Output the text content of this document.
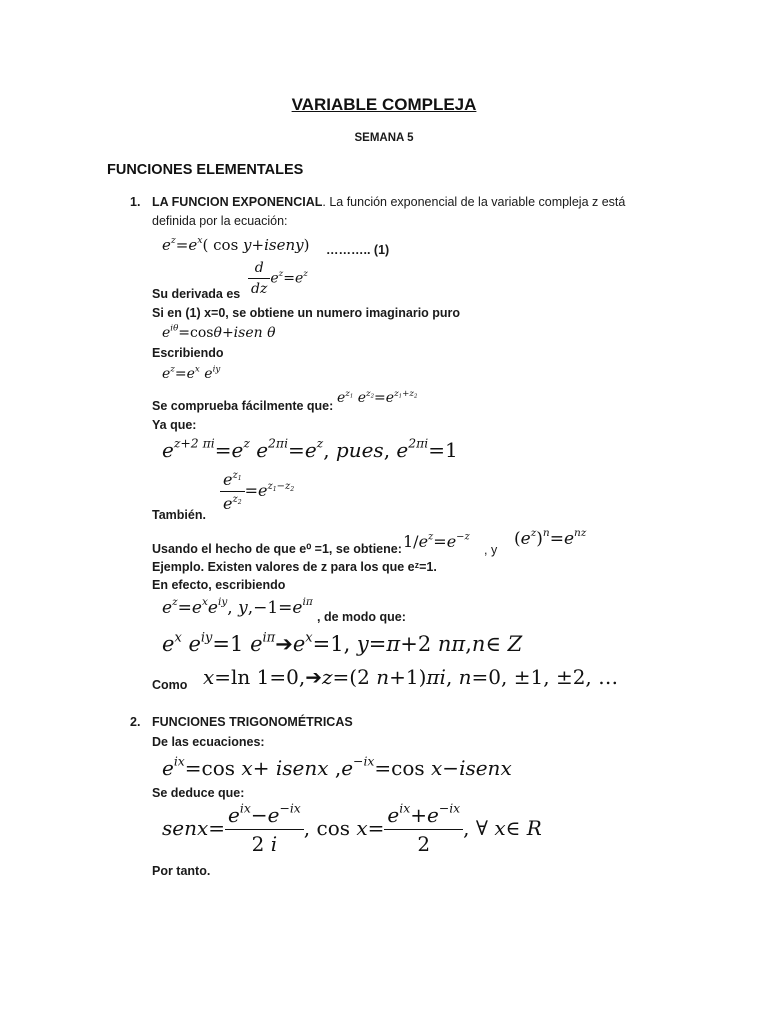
VARIABLE COMPLEJA
SEMANA 5
FUNCIONES ELEMENTALES
1. LA FUNCION EXPONENCIAL. La función exponencial de la variable compleja z está
definida por la ecuación:
$e^z=e^x$( cos y+iseny) ……….. (1)
$\frac{d}{dz} e^z=e^z$
Su derivada es
Si en (1) x=0, se obtiene un numero imaginario puro
$e^{i\theta}=\cos\theta+isen$ θ
Escribiendo
$e^z=e^x$ $e^{iy}$
Se comprueba fácilmente que: $e^{z_1}$ $e^{z_2}=e^{z_1+z_2}$
Ya que:
$e^{z+2 \pi i}=e^z$ $e^{2\pi i}=e^z$, pues, $e^{2\pi i}=1$
$\frac{e^{z_1}}{e^{z_2}} =e^{z_1-z_2}$
También.
Usando el hecho de que e⁰ =1, se obtiene: $1/e^z=e^{-z}$
, y
$(e^z)^n=e^{nz}$
Ejemplo. Existen valores de z para los que eᶻ=1.
En efecto, escribiendo
$e^z=e^xe^{iy}$, $y,-1=e^{i\pi}$
, de modo que:
$e^x$ $e^{iy}=1$ $e^{i\pi}➔e^x=1$, y=π+2 nπ,n∈ Z
Como x=ln 1=0,➔z=(2 n+1)πi, n=0, ±1, ±2, …
2. FUNCIONES TRIGONOMÉTRICAS
De las ecuaciones:
$e^{ix}=\cos$ x+ isenx $,e^{-ix}=\cos$ x−isenx
Se deduce que:
senx= $\frac{e^{ix}-e^{-ix}}{2 i}$ , $\cos x= \frac{e^{ix}+e^{-ix}}{2}$ , ∀ x∈ R
Por tanto.
